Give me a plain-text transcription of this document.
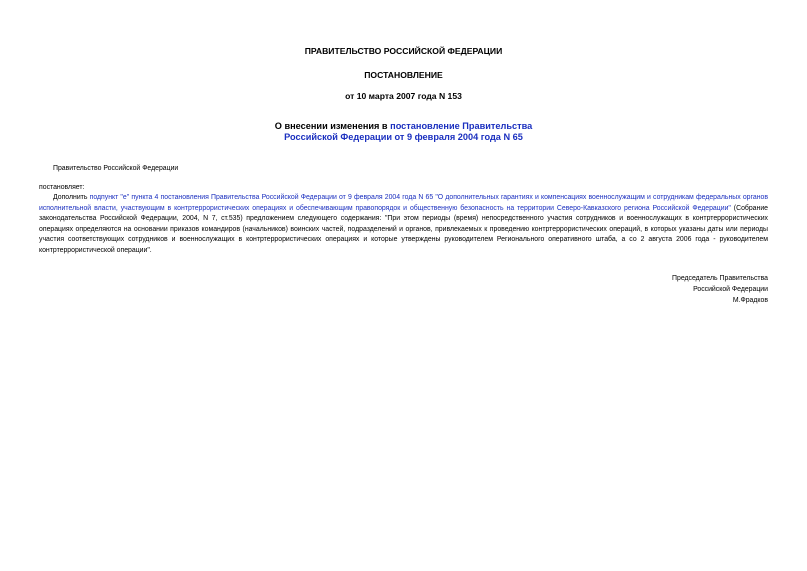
ПРАВИТЕЛЬСТВО РОССИЙСКОЙ ФЕДЕРАЦИИ
ПОСТАНОВЛЕНИЕ
от 10 марта 2007 года N 153
О внесении изменения в постановление Правительства
Российской Федерации от 9 февраля 2004 года N 65
Правительство Российской Федерации
постановляет:

Дополнить подпункт "е" пункта 4 постановления Правительства Российской Федерации от 9 февраля 2004 года N 65 "О дополнительных гарантиях и компенсациях военнослужащим и сотрудникам федеральных органов исполнительной власти, участвующим в контртеррористических операциях и обеспечивающим правопорядок и общественную безопасность на территории Северо-Кавказского региона Российской Федерации" (Собрание законодательства Российской Федерации, 2004, N 7, ст.535) предложением следующего содержания: "При этом периоды (время) непосредственного участия сотрудников и военнослужащих в контртеррористических операциях определяются на основании приказов командиров (начальников) воинских частей, подразделений и органов, привлекаемых к проведению контртеррористических операций, в которых указаны даты или периоды участия соответствующих сотрудников и военнослужащих в контртеррористических операциях и которые утверждены руководителем Регионального оперативного штаба, а со 2 августа 2006 года - руководителем контртеррористической операции".

Председатель Правительства
Российской Федерации
М.Фрадков
